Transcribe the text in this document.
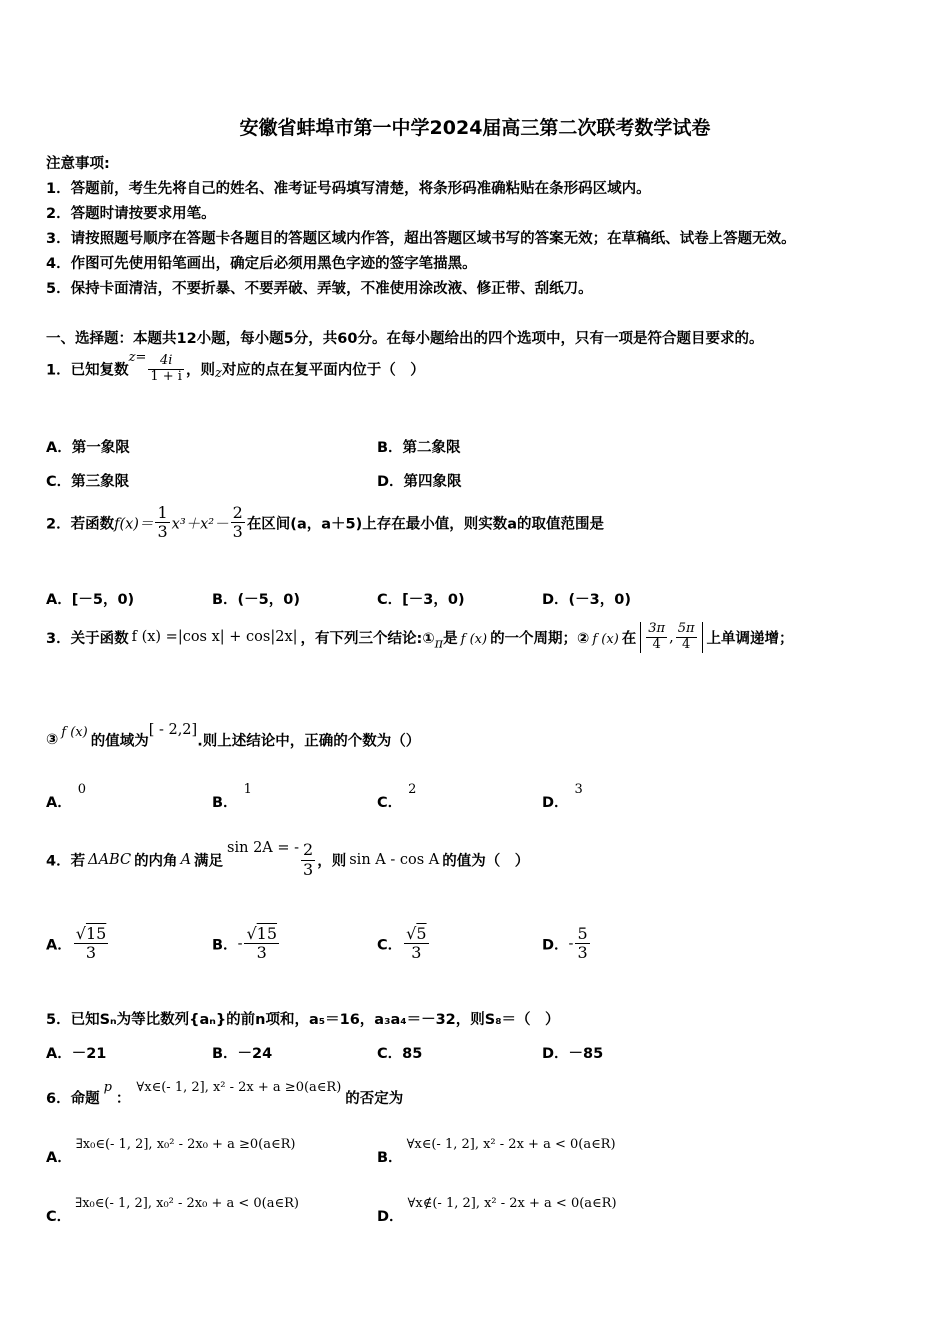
安徽省蚌埠市第一中学2024届高三第二次联考数学试卷
注意事项:
1．答题前，考生先将自己的姓名、准考证号码填写清楚，将条形码准确粘贴在条形码区域内。
2．答题时请按要求用笔。
3．请按照题号顺序在答题卡各题目的答题区域内作答，超出答题区域书写的答案无效；在草稿纸、试卷上答题无效。
4．作图可先使用铅笔画出，确定后必须用黑色字迹的签字笔描黑。
5．保持卡面清洁，不要折暴、不要弄破、弄皱，不准使用涂改液、修正带、刮纸刀。
一、选择题：本题共12小题，每小题5分，共60分。在每小题给出的四个选项中，只有一项是符合题目要求的。
1．已知复数$z= \frac{4i}{1 + i}$ ，则z对应的点在复平面内位于（　）
A．第一象限	B．第二象限
C．第三象限	D．第四象限
2．若函数$f(x)= \frac{1}{3} x^3+x^2- \frac{2}{3}$ 在区间(a，a＋5)上存在最小值，则实数a的取值范围是
A．[－5，0)	B．(－5，0)	C．[－3，0)	D．(－3，0)
3．关于函数 f (x) =|cos x| + cos|2x| ，有下列三个结论:①π是 f (x) 的一个周期；② f (x) 在 $\frac{3\pi}{4}$ , $\frac{5\pi}{4}$ 上单调递增；
③ f (x)的值域为[ - 2,2].则上述结论中，正确的个数为（）
A．0
B．1
C．2
D．3
4．若 ΔABC 的内角 A 满足sin 2A = - $\frac{2}{3}$ ，则 sin A - cos A 的值为（　）
A． $\frac{√15}{3}$	B．- $\frac{√15}{3}$	C． $\frac{√5}{3}$	D．- $\frac{5}{3}$
5．已知Sₙ为等比数列{aₙ}的前n项和，a₅＝16，a₃a₄＝－32，则S₈＝（　）
A．－21	B．－24	C．85	D．－85
6．命题p：∀x∈(- 1, 2], x² - 2x + a ≥0(a∈R)的否定为
A．∃x₀∈(- 1, 2], x₀² - 2x₀ + a ≥0(a∈R)
B．∀x∈(- 1, 2], x² - 2x + a < 0(a∈R)
C．∃x₀∈(- 1, 2], x₀² - 2x₀ + a < 0(a∈R)
D．∀x∉(- 1, 2], x² - 2x + a < 0(a∈R)
